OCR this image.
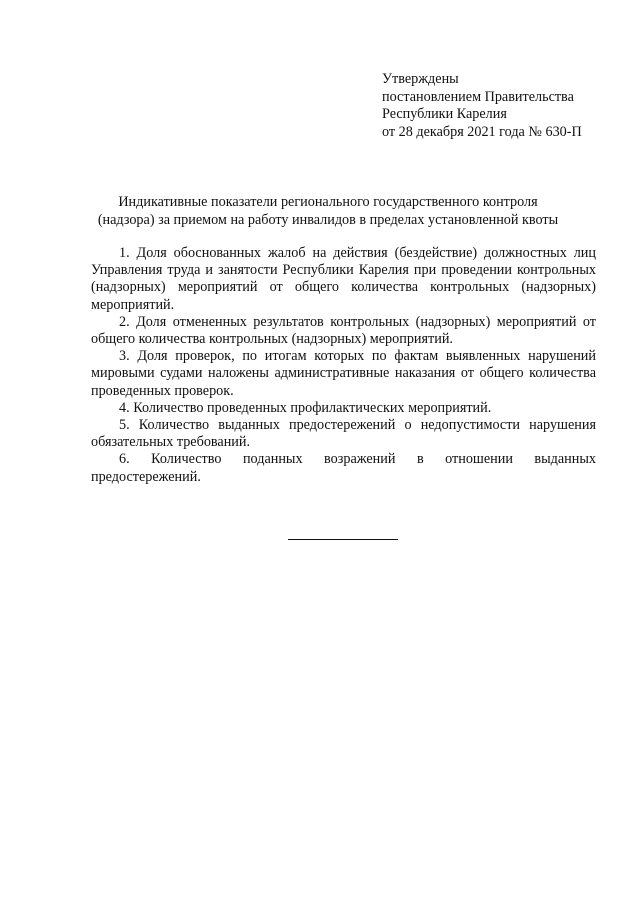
Утверждены
постановлением Правительства
Республики Карелия
от 28 декабря 2021 года № 630-П
Индикативные показатели регионального государственного контроля
(надзора) за приемом на работу инвалидов в пределах установленной квоты

1. Доля обоснованных жалоб на действия (бездействие) должностных лиц Управления труда и занятости Республики Карелия при проведении контрольных (надзорных) мероприятий от общего количества контрольных (надзорных) мероприятий.

2. Доля отмененных результатов контрольных (надзорных) мероприятий от общего количества контрольных (надзорных) мероприятий.

3. Доля проверок, по итогам которых по фактам выявленных нарушений мировыми судами наложены административные наказания от общего количества проведенных проверок.

4. Количество проведенных профилактических мероприятий.

5. Количество выданных предостережений о недопустимости нарушения обязательных требований.

6. Количество поданных возражений в отношении выданных предостережений.
